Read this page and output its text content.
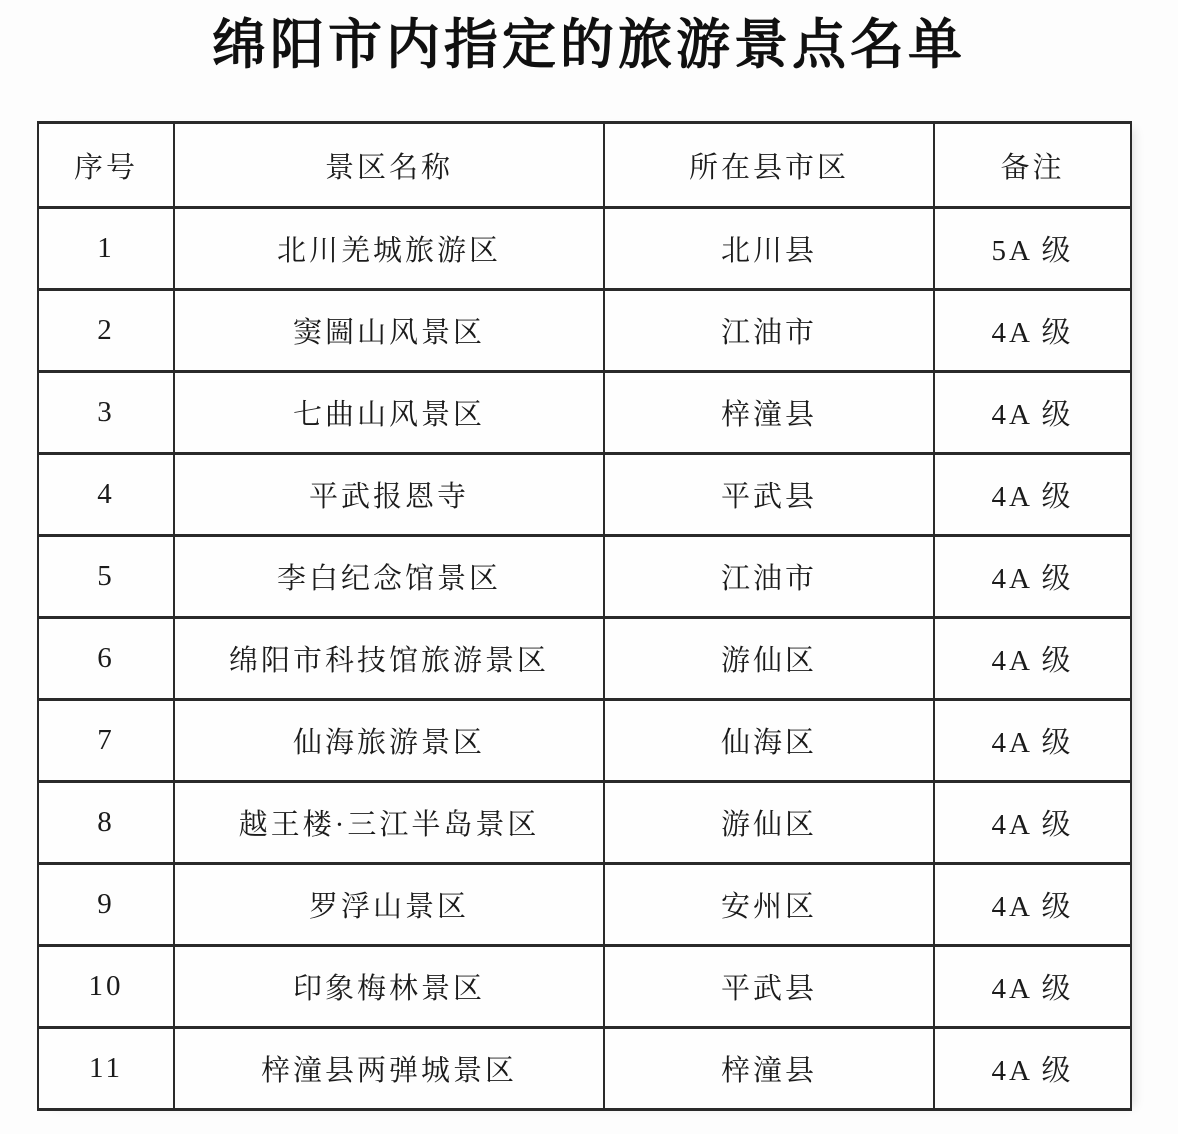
绵阳市内指定的旅游景点名单
序号	景区名称	所在县市区	备注
1	北川羌城旅游区	北川县	5A 级
2	窦圌山风景区	江油市	4A 级
3	七曲山风景区	梓潼县	4A 级
4	平武报恩寺	平武县	4A 级
5	李白纪念馆景区	江油市	4A 级
6	绵阳市科技馆旅游景区	游仙区	4A 级
7	仙海旅游景区	仙海区	4A 级
8	越王楼·三江半岛景区	游仙区	4A 级
9	罗浮山景区	安州区	4A 级
10	印象梅林景区	平武县	4A 级
11	梓潼县两弹城景区	梓潼县	4A 级
